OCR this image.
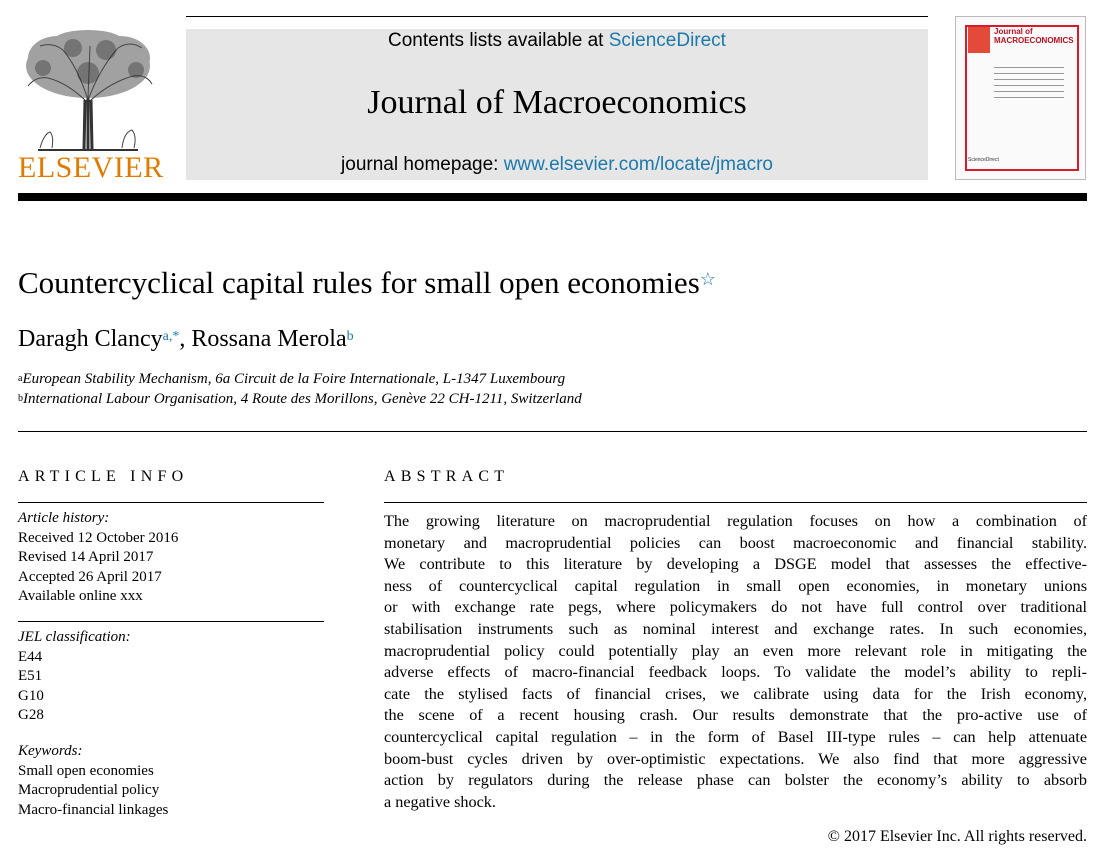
ELSEVIER
Contents lists available at ScienceDirect
Journal of Macroeconomics
journal homepage: www.elsevier.com/locate/jmacro
Journal of MACROECONOMICS
ScienceDirect
Countercyclical capital rules for small open economies☆
Daragh Clancy$^{a,*}$, Rossana Merola$^b$
$^a$European Stability Mechanism, 6a Circuit de la Foire Internationale, L-1347 Luxembourg
$^b$International Labour Organisation, 4 Route des Morillons, Genève 22 CH-1211, Switzerland
ARTICLE INFO
Article history:
Received 12 October 2016
Revised 14 April 2017
Accepted 26 April 2017
Available online xxx
JEL classification:
E44
E51
G10
G28
Keywords:
Small open economies
Macroprudential policy
Macro-financial linkages
ABSTRACT
The growing literature on macroprudential regulation focuses on how a combination of
monetary and macroprudential policies can boost macroeconomic and financial stability.
We contribute to this literature by developing a DSGE model that assesses the effective-
ness of countercyclical capital regulation in small open economies, in monetary unions
or with exchange rate pegs, where policymakers do not have full control over traditional
stabilisation instruments such as nominal interest and exchange rates. In such economies,
macroprudential policy could potentially play an even more relevant role in mitigating the
adverse effects of macro-financial feedback loops. To validate the model’s ability to repli-
cate the stylised facts of financial crises, we calibrate using data for the Irish economy,
the scene of a recent housing crash. Our results demonstrate that the pro-active use of
countercyclical capital regulation – in the form of Basel III-type rules – can help attenuate
boom-bust cycles driven by over-optimistic expectations. We also find that more aggressive
action by regulators during the release phase can bolster the economy’s ability to absorb
a negative shock.
© 2017 Elsevier Inc. All rights reserved.
